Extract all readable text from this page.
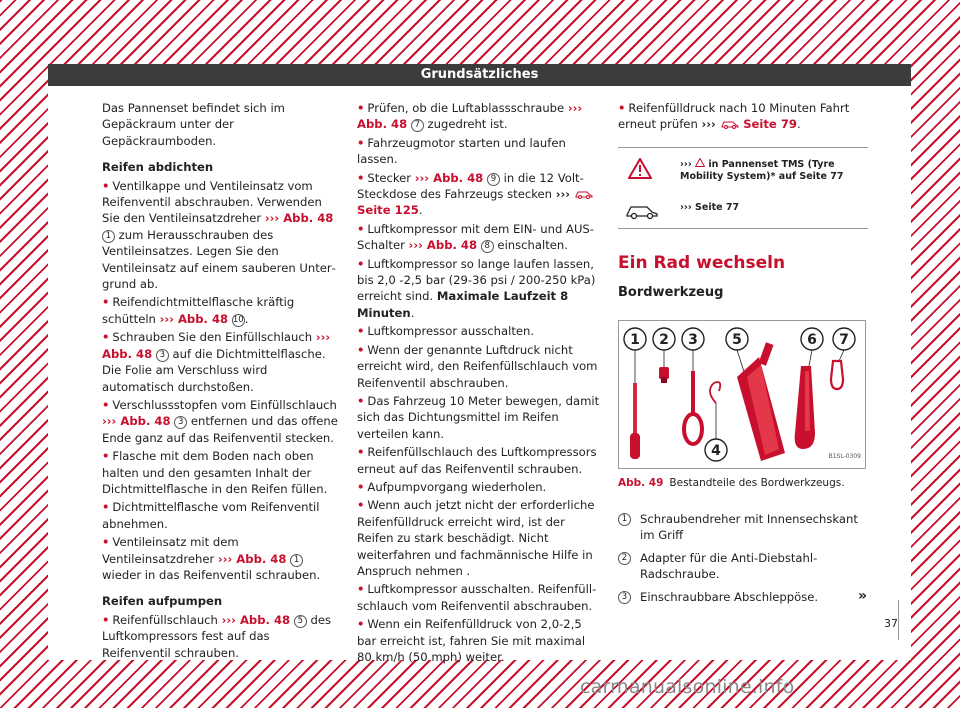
Grundsätzliches

Das Pannenset befindet sich im Gepäckraum unter der Gepäckraumboden.

Reifen abdichten

• Ventilkappe und Ventileinsatz vom Reifenventil abschrauben. Verwenden Sie den Ventileinsatzdreher ››› Abb. 48 1 zum Herausschrauben des Ventileinsatzes. Legen Sie den Ventileinsatz auf einem sauberen Untergrund ab.

• Reifendichtmittelflasche kräftig schütteln ››› Abb. 48 10.

• Schrauben Sie den Einfüllschlauch ››› Abb. 48 3 auf die Dichtmittelflasche. Die Folie am Verschluss wird automatisch durchstoßen.

• Verschlussstopfen vom Einfüllschlauch ››› Abb. 48 3 entfernen und das offene Ende ganz auf das Reifenventil stecken.

• Flasche mit dem Boden nach oben halten und den gesamten Inhalt der Dichtmittelflasche in den Reifen füllen.

• Dichtmittelflasche vom Reifenventil abnehmen.

• Ventileinsatz mit dem Ventileinsatzdreher ››› Abb. 48 1 wieder in das Reifenventil schrauben.

Reifen aufpumpen

• Reifenfüllschlauch ››› Abb. 48 5 des Luftkompressors fest auf das Reifenventil schrauben.

• Prüfen, ob die Luftablassschraube ››› Abb. 48 7 zugedreht ist.

• Fahrzeugmotor starten und laufen lassen.

• Stecker ››› Abb. 48 9 in die 12 Volt-Steckdose des Fahrzeugs stecken ›››  Seite 125.

• Luftkompressor mit dem EIN- und AUS-Schalter ››› Abb. 48 8 einschalten.

• Luftkompressor so lange laufen lassen, bis 2,0 -2,5 bar (29-36 psi / 200-250 kPa) erreicht sind. Maximale Laufzeit 8 Minuten.

• Luftkompressor ausschalten.

• Wenn der genannte Luftdruck nicht erreicht wird, den Reifenfüllschlauch vom Reifenventil abschrauben.

• Das Fahrzeug 10 Meter bewegen, damit sich das Dichtungsmittel im Reifen verteilen kann.

• Reifenfüllschlauch des Luftkompressors erneut auf das Reifenventil schrauben.

• Aufpumpvorgang wiederholen.

• Wenn auch jetzt nicht der erforderliche Reifenfülldruck erreicht wird, ist der Reifen zu stark beschädigt. Nicht weiterfahren und fachmännische Hilfe in Anspruch nehmen .

• Luftkompressor ausschalten. Reifenfüllschlauch vom Reifenventil abschrauben.

• Wenn ein Reifenfülldruck von 2,0-2,5 bar erreicht ist, fahren Sie mit maximal 80 km/h (50 mph) weiter.

• Reifenfülldruck nach 10 Minuten Fahrt erneut prüfen ››› Seite 79.

››› in Pannenset TMS (Tyre Mobility System)* auf Seite 77
››› Seite 77
Ein Rad wechseln
Bordwerkzeug
1 2 3 5	6 7
4	B1SL-0309
Abb. 49 Bestandteile des Bordwerkzeugs.
1	Schraubendreher mit Innensechskant im Griff
2	Adapter für die Anti-Diebstahl-Radschraube.
3	Einschraubbare Abschleppöse.	»
37
carmanualsonline.info
